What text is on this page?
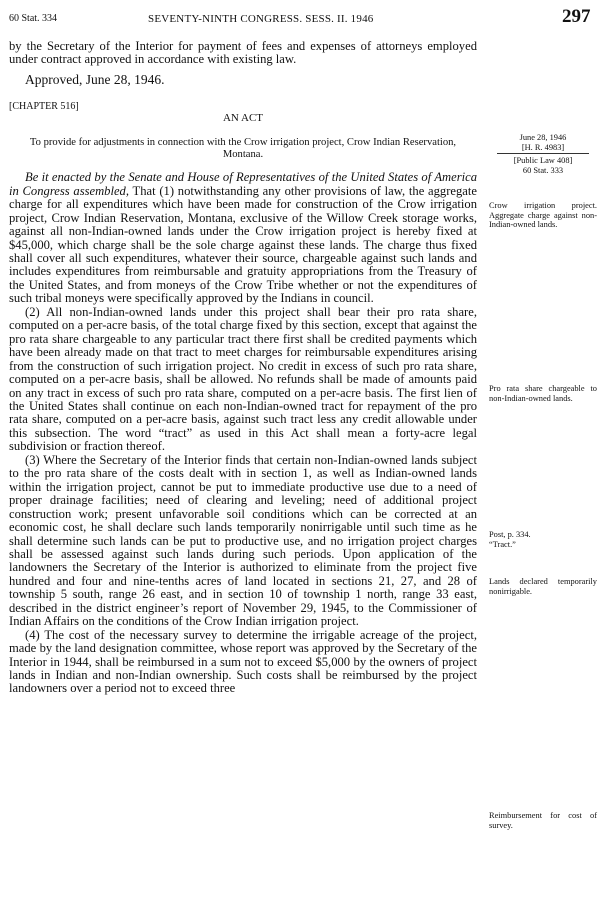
60 Stat. 334	SEVENTY-NINTH CONGRESS. SESS. II. 1946	297

by the Secretary of the Interior for payment of fees and expenses of attorneys employed under contract approved in accordance with existing law.

Approved, June 28, 1946.

[CHAPTER 516]

AN ACT

To provide for adjustments in connection with the Crow irrigation project, Crow Indian Reservation, Montana.

Be it enacted by the Senate and House of Representatives of the United States of America in Congress assembled, That (1) notwithstanding any other provisions of law, the aggregate charge for all expenditures which have been made for construction of the Crow irrigation project, Crow Indian Reservation, Montana, exclusive of the Willow Creek storage works, against all non-Indian-owned lands under the Crow irrigation project is hereby fixed at $45,000, which charge shall be the sole charge against these lands. The charge thus fixed shall cover all such expenditures, whatever their source, chargeable against such lands and includes expenditures from reimbursable and gratuity appropriations from the Treasury of the United States, and from moneys of the Crow Tribe whether or not the expenditures of such tribal moneys were specifically approved by the Indians in council.

(2) All non-Indian-owned lands under this project shall bear their pro rata share, computed on a per-acre basis, of the total charge fixed by this section, except that against the pro rata share chargeable to any particular tract there first shall be credited payments which have been already made on that tract to meet charges for reimbursable expenditures arising from the construction of such irrigation project. No credit in excess of such pro rata share, computed on a per-acre basis, shall be allowed. No refunds shall be made of amounts paid on any tract in excess of such pro rata share, computed on a per-acre basis. The first lien of the United States shall continue on each non-Indian-owned tract for repayment of the pro rata share, computed on a per-acre basis, against such tract less any credit allowable under this subsection. The word “tract” as used in this Act shall mean a forty-acre legal subdivision or fraction thereof.

(3) Where the Secretary of the Interior finds that certain non-Indian-owned lands subject to the pro rata share of the costs dealt with in section 1, as well as Indian-owned lands within the irrigation project, cannot be put to immediate productive use due to a need of proper drainage facilities; need of clearing and leveling; need of additional project construction work; present unfavorable soil conditions which can be corrected at an economic cost, he shall declare such lands temporarily nonirrigable until such time as he shall determine such lands can be put to productive use, and no irrigation project charges shall be assessed against such lands during such periods. Upon application of the landowners the Secretary of the Interior is authorized to eliminate from the project five hundred and four and nine-tenths acres of land located in sections 21, 27, and 28 of township 5 south, range 26 east, and in section 10 of township 1 north, range 33 east, described in the district engineer’s report of November 29, 1945, to the Commissioner of Indian Affairs on the conditions of the Crow Indian irrigation project.

(4) The cost of the necessary survey to determine the irrigable acreage of the project, made by the land designation committee, whose report was approved by the Secretary of the Interior in 1944, shall be reimbursed in a sum not to exceed $5,000 by the owners of project lands in Indian and non-Indian ownership. Such costs shall be reimbursed by the project landowners over a period not to exceed three

June 28, 1946
[H. R. 4983]
[Public Law 408]
60 Stat. 333
Crow irrigation project. Aggregate charge against non-Indian-owned lands.
Pro rata share chargeable to non-Indian-owned lands.
Post, p. 334.
“Tract.”
Lands declared temporarily nonirrigable.
Reimbursement for cost of survey.
